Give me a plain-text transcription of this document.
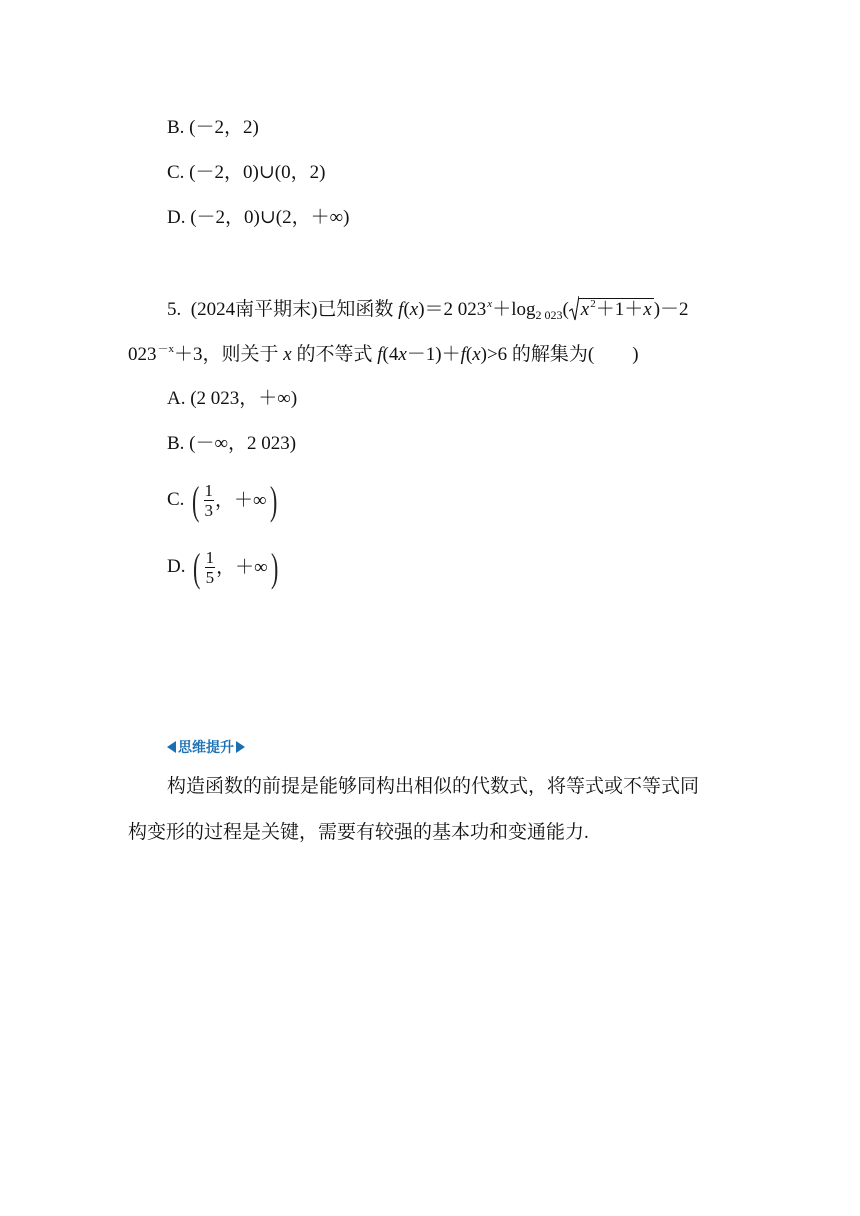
B. (－2，2)
C. (－2，0)∪(0，2)
D. (－2，0)∪(2，＋∞)
5. (2024南平期末)已知函数 f(x)＝2 $023^x+\log_{2 023}$( $x^2+1+x$ )－2
$023^{-x}+3$，则关于 x 的不等式 f(4x－1)＋f(x)>6 的解集为(　　)
A. (2 023，＋∞)
B. (－∞，2 023)
C. ( $\frac{1}{3}$ ，＋∞ )
D. ( $\frac{1}{5}$ ，＋∞ )
思维提升
构造函数的前提是能够同构出相似的代数式，将等式或不等式同
构变形的过程是关键，需要有较强的基本功和变通能力.
